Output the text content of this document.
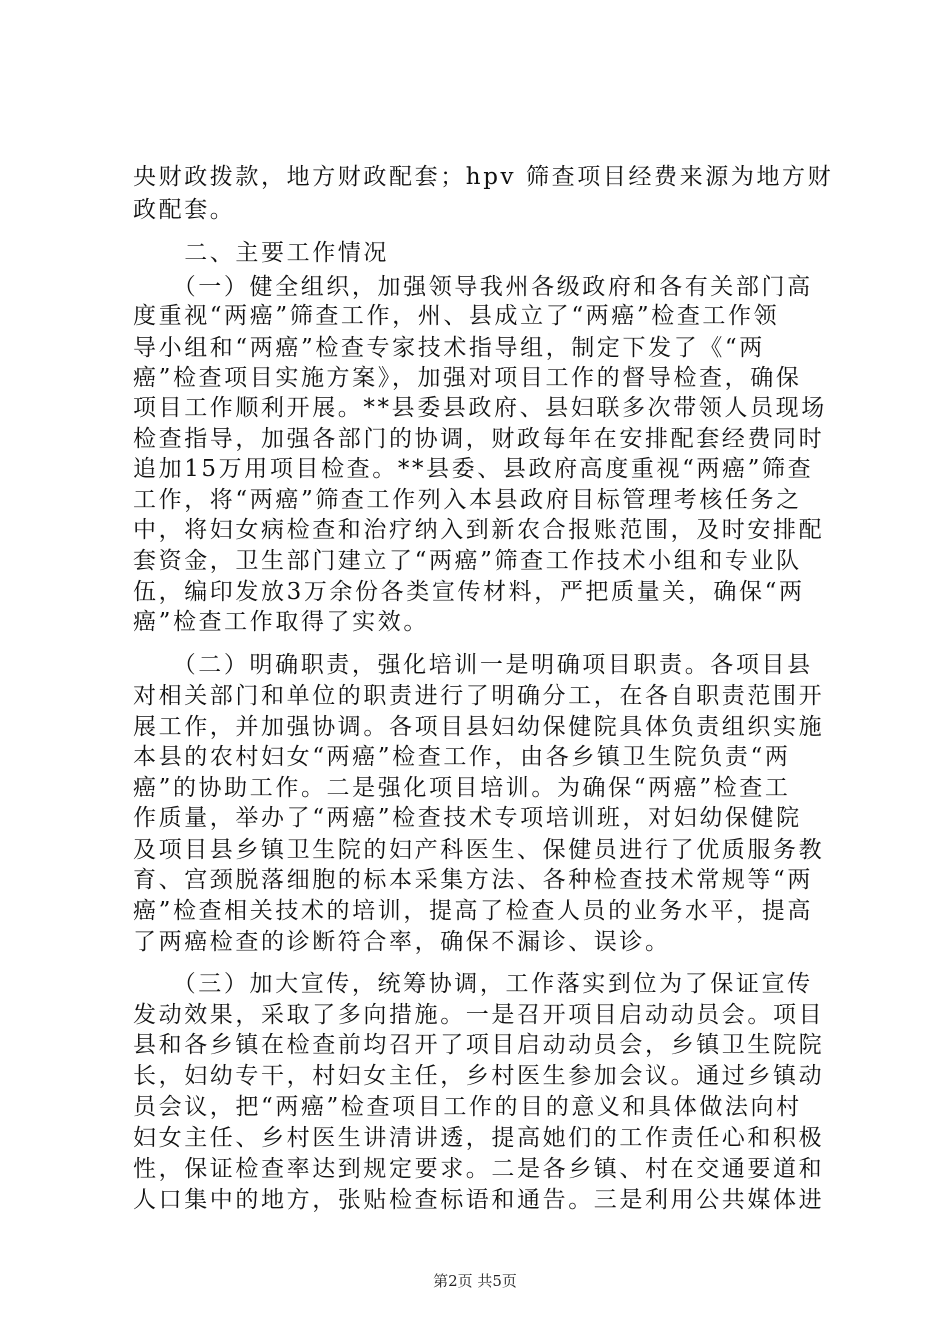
央财政拨款，地方财政配套；hpv 筛查项目经费来源为地方财
政配套。
　　二、主要工作情况
　　（一）健全组织，加强领导我州各级政府和各有关部门高
度重视“两癌”筛查工作，州、县成立了“两癌”检查工作领
导小组和“两癌”检查专家技术指导组，制定下发了《“两
癌”检查项目实施方案》，加强对项目工作的督导检查，确保
项目工作顺利开展。**县委县政府、县妇联多次带领人员现场
检查指导，加强各部门的协调，财政每年在安排配套经费同时
追加15万用项目检查。**县委、县政府高度重视“两癌”筛查
工作，将“两癌”筛查工作列入本县政府目标管理考核任务之
中，将妇女病检查和治疗纳入到新农合报账范围，及时安排配
套资金，卫生部门建立了“两癌”筛查工作技术小组和专业队
伍，编印发放3万余份各类宣传材料，严把质量关，确保“两
癌”检查工作取得了实效。
　　（二）明确职责，强化培训一是明确项目职责。各项目县
对相关部门和单位的职责进行了明确分工，在各自职责范围开
展工作，并加强协调。各项目县妇幼保健院具体负责组织实施
本县的农村妇女“两癌”检查工作，由各乡镇卫生院负责“两
癌”的协助工作。二是强化项目培训。为确保“两癌”检查工
作质量，举办了“两癌”检查技术专项培训班，对妇幼保健院
及项目县乡镇卫生院的妇产科医生、保健员进行了优质服务教
育、宫颈脱落细胞的标本采集方法、各种检查技术常规等“两
癌”检查相关技术的培训，提高了检查人员的业务水平，提高
了两癌检查的诊断符合率，确保不漏诊、误诊。
　　（三）加大宣传，统筹协调，工作落实到位为了保证宣传
发动效果，采取了多向措施。一是召开项目启动动员会。项目
县和各乡镇在检查前均召开了项目启动动员会，乡镇卫生院院
长，妇幼专干，村妇女主任，乡村医生参加会议。通过乡镇动
员会议，把“两癌”检查项目工作的目的意义和具体做法向村
妇女主任、乡村医生讲清讲透，提高她们的工作责任心和积极
性，保证检查率达到规定要求。二是各乡镇、村在交通要道和
人口集中的地方，张贴检查标语和通告。三是利用公共媒体进
第2页 共5页
